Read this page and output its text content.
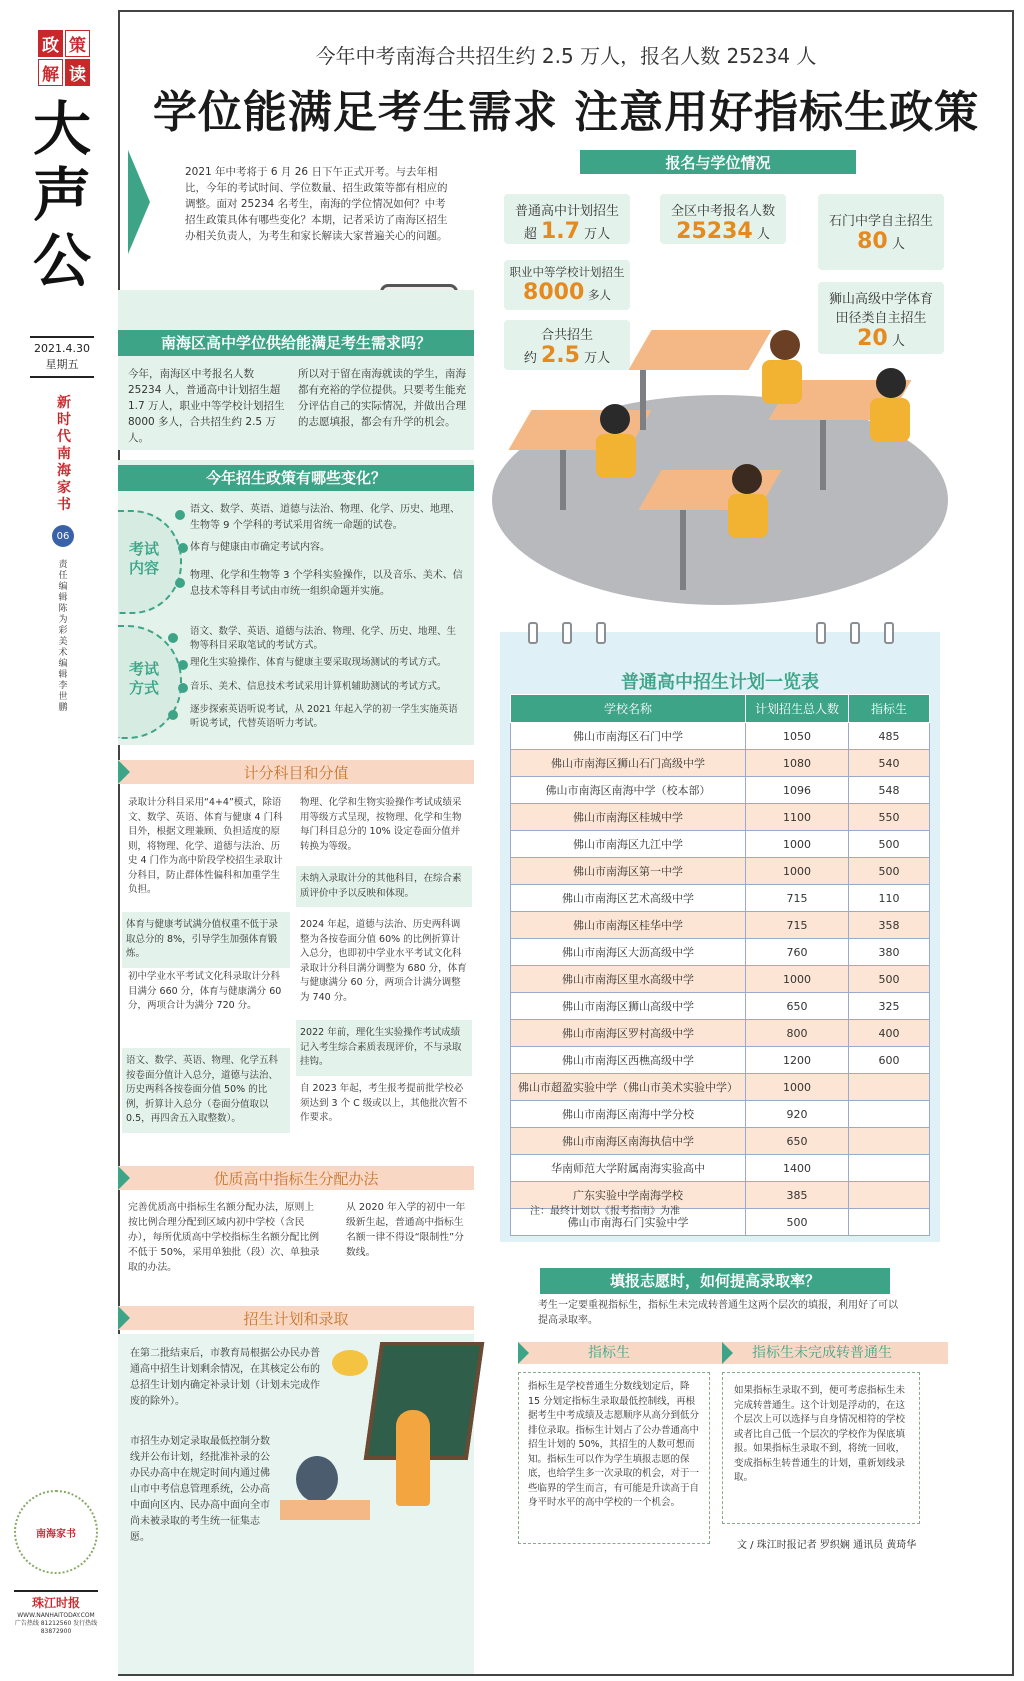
政 策
解 读
大声公
2021.4.30
星期五
新时代南海家书
06
责任编辑 陈为彩 美术编辑 李世鹏
南海家书
珠江时报
WWW.NANHAITODAY.COM 广告热线 81212560 发行热线 83872900
今年中考南海合共招生约 2.5 万人，报名人数 25234 人
学位能满足考生需求 注意用好指标生政策
2021 年中考将于 6 月 26 日下午正式开考。与去年相比，今年的考试时间、学位数量、招生政策等都有相应的调整。面对 25234 名考生，南海的学位情况如何？中考招生政策具体有哪些变化？本期，记者采访了南海区招生办相关负责人，为考生和家长解读大家普遍关心的问题。
南海区高中学位供给能满足考生需求吗？
今年，南海区中考报名人数 25234 人，普通高中计划招生超 1.7 万人，职业中等学校计划招生 8000 多人，合共招生约 2.5 万人。
所以对于留在南海就读的学生，南海都有充裕的学位提供。只要考生能充分评估自己的实际情况，并做出合理的志愿填报，都会有升学的机会。
今年招生政策有哪些变化？
考试内容
语文、数学、英语、道德与法治、物理、化学、历史、地理、生物等 9 个学科的考试采用省统一命题的试卷。
体育与健康由市确定考试内容。
物理、化学和生物等 3 个学科实验操作，以及音乐、美术、信息技术等科目考试由市统一组织命题并实施。
考试方式
语文、数学、英语、道德与法治、物理、化学、历史、地理、生物等科目采取笔试的考试方式。
理化生实验操作、体育与健康主要采取现场测试的考试方式。
音乐、美术、信息技术考试采用计算机辅助测试的考试方式。
逐步探索英语听说考试，从 2021 年起入学的初一学生实施英语听说考试，代替英语听力考试。
计分科目和分值
录取计分科目采用“4+4”模式，除语文、数学、英语、体育与健康 4 门科目外，根据文理兼顾、负担适度的原则，将物理、化学、道德与法治、历史 4 门作为高中阶段学校招生录取计分科目，防止群体性偏科和加重学生负担。
体育与健康考试满分值权重不低于录取总分的 8%，引导学生加强体育锻炼。
初中学业水平考试文化科录取计分科目满分 660 分，体育与健康满分 60 分，两项合计为满分 720 分。
语文、数学、英语、物理、化学五科按卷面分值计入总分，道德与法治、历史两科各按卷面分值 50% 的比例，折算计入总分（卷面分值取以 0.5，再四舍五入取整数）。
物理、化学和生物实验操作考试成绩采用等级方式呈现，按物理、化学和生物每门科目总分的 10% 设定卷面分值并转换为等级。
未纳入录取计分的其他科目，在综合素质评价中予以反映和体现。
2024 年起，道德与法治、历史两科调整为各按卷面分值 60% 的比例折算计入总分，也即初中学业水平考试文化科录取计分科目满分调整为 680 分，体育与健康满分 60 分，两项合计满分调整为 740 分。
2022 年前，理化生实验操作考试成绩记入考生综合素质表现评价，不与录取挂钩。
自 2023 年起，考生报考提前批学校必须达到 3 个 C 级或以上，其他批次暂不作要求。
优质高中指标生分配办法
完善优质高中指标生名额分配办法，原则上按比例合理分配到区域内初中学校（含民办），每所优质高中学校指标生名额分配比例不低于 50%，采用单独批（段）次、单独录取的办法。
从 2020 年入学的初中一年级新生起，普通高中指标生名额一律不得设“限制性”分数线。
招生计划和录取
在第二批结束后，市教育局根据公办民办普通高中招生计划剩余情况，在其核定公布的总招生计划内确定补录计划（计划未完成作废的除外）。
市招生办划定录取最低控制分数线并公布计划，经批准补录的公办民办高中在规定时间内通过佛山市中考信息管理系统，公办高中面向区内、民办高中面向全市尚未被录取的考生统一征集志愿。
报名与学位情况
普通高中计划招生
超 1.7 万人
全区中考报名人数
25234 人
石门中学自主招生
80 人
职业中等学校计划招生
8000 多人
合共招生
约 2.5 万人
狮山高级中学体育田径类自主招生
20 人
普通高中招生计划一览表
学校名称	计划招生总人数	指标生
佛山市南海区石门中学	1050	485
佛山市南海区狮山石门高级中学	1080	540
佛山市南海区南海中学（校本部）	1096	548
佛山市南海区桂城中学	1100	550
佛山市南海区九江中学	1000	500
佛山市南海区第一中学	1000	500
佛山市南海区艺术高级中学	715	110
佛山市南海区桂华中学	715	358
佛山市南海区大沥高级中学	760	380
佛山市南海区里水高级中学	1000	500
佛山市南海区狮山高级中学	650	325
佛山市南海区罗村高级中学	800	400
佛山市南海区西樵高级中学	1200	600
佛山市超盈实验中学（佛山市美术实验中学）	1000	
佛山市南海区南海中学分校	920	
佛山市南海区南海执信中学	650	
华南师范大学附属南海实验高中	1400	
广东实验中学南海学校	385	
佛山市南海石门实验中学	500	
注：最终计划以《报考指南》为准
填报志愿时，如何提高录取率？
考生一定要重视指标生，指标生未完成转普通生这两个层次的填报，利用好了可以提高录取率。
指标生
指标生是学校普通生分数线划定后，降 15 分划定指标生录取最低控制线，再根据考生中考成绩及志愿顺序从高分到低分排位录取。指标生计划占了公办普通高中招生计划的 50%，其招生的人数可想而知。指标生可以作为学生填报志愿的保底，也给学生多一次录取的机会，对于一些临界的学生而言，有可能是升读高于自身平时水平的高中学校的一个机会。
指标生未完成转普通生
如果指标生录取不到，便可考虑指标生未完成转普通生。这个计划是浮动的，在这个层次上可以选择与自身情况相符的学校或者比自己低一个层次的学校作为保底填报。如果指标生录取不到，将统一回收，变成指标生转普通生的计划，重新划线录取。
文 / 珠江时报记者 罗织娴 通讯员 黄琦华
